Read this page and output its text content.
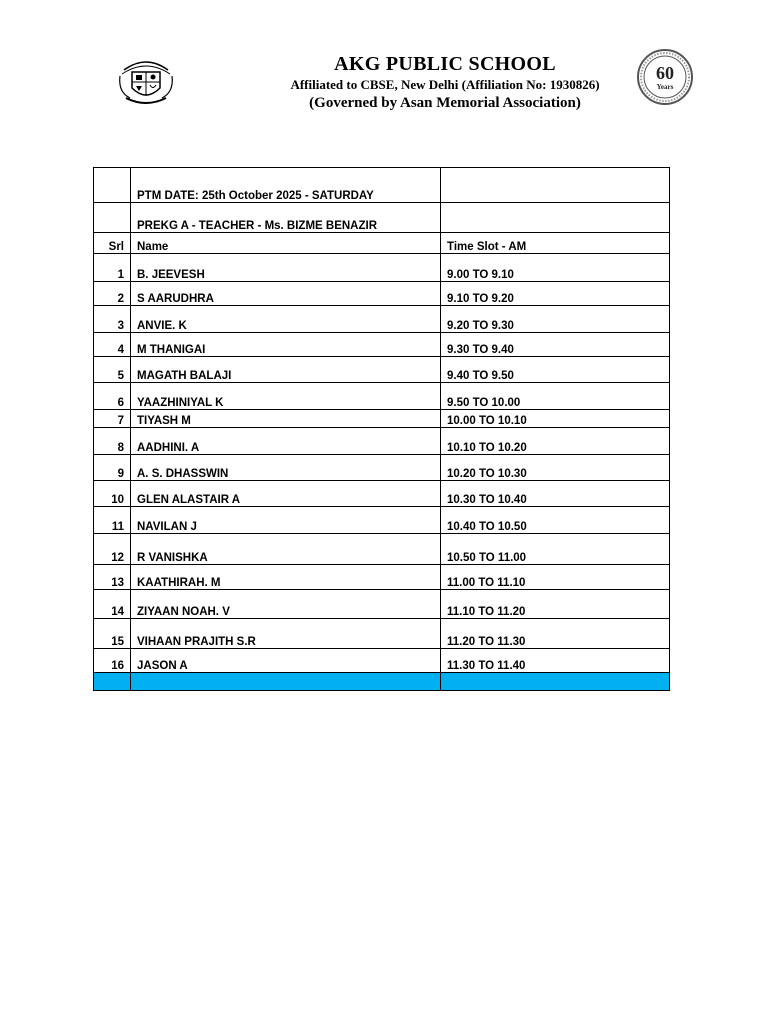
AKG PUBLIC SCHOOL
Affiliated to CBSE, New Delhi (Affiliation No: 1930826)
(Governed by Asan Memorial Association)
60
Years
	PTM DATE: 25th October 2025 - SATURDAY	
	PREKG A - TEACHER - Ms. BIZME BENAZIR	
Srl	Name	Time Slot - AM
1	B. JEEVESH	9.00 TO 9.10
2	S AARUDHRA	9.10 TO 9.20
3	ANVIE. K	9.20 TO 9.30
4	M THANIGAI	9.30 TO 9.40
5	MAGATH BALAJI	9.40 TO 9.50
6	YAAZHINIYAL K	9.50 TO 10.00
7	TIYASH M	10.00 TO 10.10
8	AADHINI. A	10.10 TO 10.20
9	A. S. DHASSWIN	10.20 TO 10.30
10	GLEN ALASTAIR A	10.30 TO 10.40
11	NAVILAN J	10.40 TO 10.50
12	R VANISHKA	10.50 TO 11.00
13	KAATHIRAH. M	11.00 TO 11.10
14	ZIYAAN NOAH. V	11.10 TO 11.20
15	VIHAAN PRAJITH S.R	11.20 TO 11.30
16	JASON A	11.30 TO 11.40
